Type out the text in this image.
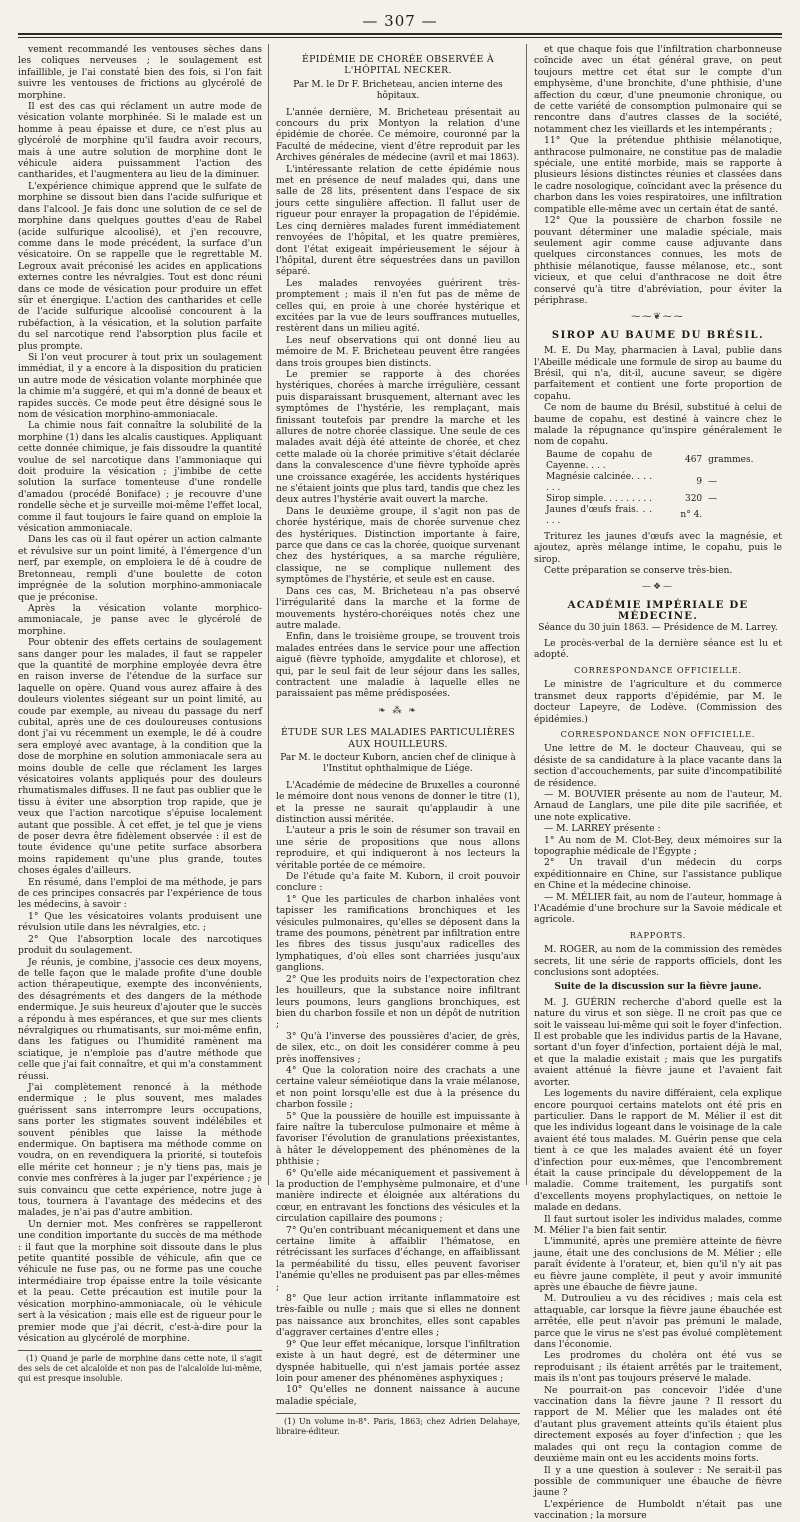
— 307 —

vement recommandé les ventouses sèches dans les coliques nerveuses ; le soulagement est infaillible, je l'ai constaté bien des fois, si l'on fait suivre les ventouses de frictions au glycérolé de morphine.

Il est des cas qui réclament un autre mode de vésication volante morphinée. Si le malade est un homme à peau épaisse et dure, ce n'est plus au glycérolé de morphine qu'il faudra avoir recours, mais à une autre solution de morphine dont le véhicule aidera puissamment l'action des cantharides, et l'augmentera au lieu de la diminuer.

L'expérience chimique apprend que le sulfate de morphine se dissout bien dans l'acide sulfurique et dans l'alcool. Je fais donc une solution de ce sel de morphine dans quelques gouttes d'eau de Rabel (acide sulfurique alcoolisé), et j'en recouvre, comme dans le mode précédent, la surface d'un vésicatoire. On se rappelle que le regrettable M. Legroux avait préconisé les acides en applications externes contre les névralgies. Tout est donc réuni dans ce mode de vésication pour produire un effet sûr et énergique. L'action des cantharides et celle de l'acide sulfurique alcoolisé concourent à la rubéfaction, à la vésication, et la solution parfaite du sel narcotique rend l'absorption plus facile et plus prompte.

Si l'on veut procurer à tout prix un soulagement immédiat, il y a encore à la disposition du praticien un autre mode de vésication volante morphinée que la chimie m'a suggéré, et qui m'a donné de beaux et rapides succès. Ce mode peut être désigné sous le nom de vésication morphino-ammoniacale.

La chimie nous fait connaître la solubilité de la morphine (1) dans les alcalis caustiques. Appliquant cette donnée chimique, je fais dissoudre la quantité voulue de sel narcotique dans l'ammoniaque qui doit produire la vésication ; j'imbibe de cette solution la surface tomenteuse d'une rondelle d'amadou (procédé Boniface) ; je recouvre d'une rondelle sèche et je surveille moi-même l'effet local, comme il faut toujours le faire quand on emploie la vésication ammoniacale.

Dans les cas où il faut opérer un action calmante et révulsive sur un point limité, à l'émergence d'un nerf, par exemple, on emploiera le dé à coudre de Bretonneau, rempli d'une boulette de coton imprégnée de la solution morphino-ammoniacale que je préconise.

Après la vésication volante morphico-ammoniacale, je panse avec le glycérolé de morphine.

Pour obtenir des effets certains de soulagement sans danger pour les malades, il faut se rappeler que la quantité de morphine employée devra être en raison inverse de l'étendue de la surface sur laquelle on opère. Quand vous aurez affaire à des douleurs violentes siégeant sur un point limité, au coude par exemple, au niveau du passage du nerf cubital, après une de ces douloureuses contusions dont j'ai vu récemment un exemple, le dé à coudre sera employé avec avantage, à la condition que la dose de morphine en solution ammoniacale sera au moins double de celle que réclament les larges vésicatoires volants appliqués pour des douleurs rhumatismales diffuses. Il ne faut pas oublier que le tissu à éviter une absorption trop rapide, que je veux que l'action narcotique s'épuise localement autant que possible. À cet effet, je tel que je viens de poser devra être fidèlement observée : il est de toute évidence qu'une petite surface absorbera moins rapidement qu'une plus grande, toutes choses égales d'ailleurs.

En résumé, dans l'emploi de ma méthode, je pars de ces principes consacrés par l'expérience de tous les médecins, à savoir :

1° Que les vésicatoires volants produisent une révulsion utile dans les névralgies, etc. ;

2° Que l'absorption locale des narcotiques produit du soulagement.

Je réunis, je combine, j'associe ces deux moyens, de telle façon que le malade profite d'une double action thérapeutique, exempte des inconvénients, des désagréments et des dangers de la méthode endermique. Je suis heureux d'ajouter que le succès a répondu à mes espérances, et que sur mes clients névralgiques ou rhumatisants, sur moi-même enfin, dans les fatigues ou l'humidité ramènent ma sciatique, je n'emploie pas d'autre méthode que celle que j'ai fait connaître, et qui m'a constamment réussi.

J'ai complètement renoncé à la méthode endermique ; le plus souvent, mes malades guérissent sans interrompre leurs occupations, sans porter les stigmates souvent indélébiles et souvent pénibles que laisse la méthode endermique. On baptisera ma méthode comme on voudra, on en revendiquera la priorité, si toutefois elle mérite cet honneur ; je n'y tiens pas, mais je convie mes confrères à la juger par l'expérience ; je suis convaincu que cette expérience, notre juge à tous, tournera à l'avantage des médecins et des malades, je n'ai pas d'autre ambition.

Un dernier mot. Mes confrères se rappelleront une condition importante du succès de ma méthode : il faut que la morphine soit dissoute dans le plus petite quantité possible de véhicule, afin que ce véhicule ne fuse pas, ou ne forme pas une couche intermédiaire trop épaisse entre la toile vésicante et la peau. Cette précaution est inutile pour la vésication morphino-ammoniacale, où le véhicule sert à la vésication ; mais elle est de rigueur pour le premier mode que j'ai décrit, c'est-à-dire pour la vésication au glycérolé de morphine.

(1) Quand je parle de morphine dans cette note, il s'agit des sels de cet alcaloïde et non pas de l'alcaloïde lui-même, qui est presque insoluble.

ÉPIDÉMIE DE CHORÉE OBSERVÉE À L'HÔPITAL NECKER.
Par M. le Dr F. Bricheteau, ancien interne des hôpitaux.

L'année dernière, M. Bricheteau présentait au concours du prix Montyon la relation d'une épidémie de chorée. Ce mémoire, couronné par la Faculté de médecine, vient d'être reproduit par les Archives générales de médecine (avril et mai 1863).

L'intéressante relation de cette épidémie nous met en présence de neuf malades qui, dans une salle de 28 lits, présentent dans l'espace de six jours cette singulière affection. Il fallut user de rigueur pour enrayer la propagation de l'épidémie. Les cinq dernières malades furent immédiatement renvoyées de l'hôpital, et les quatre premières, dont l'état exigeait impérieusement le séjour à l'hôpital, durent être séquestrées dans un pavillon séparé.

Les malades renvoyées guérirent très-promptement ; mais il n'en fut pas de même de celles qui, en proie à une chorée hystérique et excitées par la vue de leurs souffrances mutuelles, restèrent dans un milieu agité.

Les neuf observations qui ont donné lieu au mémoire de M. F. Bricheteau peuvent être rangées dans trois groupes bien distincts.

Le premier se rapporte à des chorées hystériques, chorées à marche irrégulière, cessant puis disparaissant brusquement, alternant avec les symptômes de l'hystérie, les remplaçant, mais finissant toutefois par prendre la marche et les allures de notre chorée classique. Une seule de ces malades avait déjà été atteinte de chorée, et chez cette malade où la chorée primitive s'était déclarée dans la convalescence d'une fièvre typhoïde après une croissance exagérée, les accidents hystériques ne s'étaient joints que plus tard, tandis que chez les deux autres l'hystérie avait ouvert la marche.

Dans le deuxième groupe, il s'agit non pas de chorée hystérique, mais de chorée survenue chez des hystériques. Distinction importante à faire, parce que dans ce cas la chorée, quoique survenant chez des hystériques, a sa marche régulière, classique, ne se complique nullement des symptômes de l'hystérie, et seule est en cause.

Dans ces cas, M. Bricheteau n'a pas observé l'irrégularité dans la marche et la forme de mouvements hystéro-choréiques notés chez une autre malade.

Enfin, dans le troisième groupe, se trouvent trois malades entrées dans le service pour une affection aiguë (fièvre typhoïde, amygdalite et chlorose), et qui, par le seul fait de leur séjour dans les salles, contractent une maladie à laquelle elles ne paraissaient pas même prédisposées.

❧ ⁂ ❧
ÉTUDE SUR LES MALADIES PARTICULIÈRES AUX HOUILLEURS.
Par M. le docteur Kuborn, ancien chef de clinique à l'Institut ophthalmique de Liége.

L'Académie de médecine de Bruxelles a couronné le mémoire dont nous venons de donner le titre (1), et la presse ne saurait qu'applaudir à une distinction aussi méritée.

L'auteur a pris le soin de résumer son travail en une série de propositions que nous allons reproduire, et qui indiqueront à nos lecteurs la véritable portée de ce mémoire.

De l'étude qu'a faite M. Kuborn, il croit pouvoir conclure :

1° Que les particules de charbon inhalées vont tapisser les ramifications bronchiques et les vésicules pulmonaires, qu'elles se déposent dans la trame des poumons, pénètrent par infiltration entre les fibres des tissus jusqu'aux radicelles des lymphatiques, d'où elles sont charriées jusqu'aux ganglions.

2° Que les produits noirs de l'expectoration chez les houilleurs, que la substance noire infiltrant leurs poumons, leurs ganglions bronchiques, est bien du charbon fossile et non un dépôt de nutrition ;

3° Qu'à l'inverse des poussières d'acier, de grès, de silex, etc., on doit les considérer comme à peu près inoffensives ;

4° Que la coloration noire des crachats a une certaine valeur séméiotique dans la vraie mélanose, et non point lorsqu'elle est due à la présence du charbon fossile ;

5° Que la poussière de houille est impuissante à faire naître la tuberculose pulmonaire et même à favoriser l'évolution de granulations préexistantes, à hâter le développement des phénomènes de la phthisie ;

6° Qu'elle aide mécaniquement et passivement à la production de l'emphysème pulmonaire, et d'une manière indirecte et éloignée aux altérations du cœur, en entravant les fonctions des vésicules et la circulation capillaire des poumons ;

7° Qu'en contribuant mécaniquement et dans une certaine limite à affaiblir l'hématose, en rétrécissant les surfaces d'échange, en affaiblissant la perméabilité du tissu, elles peuvent favoriser l'anémie qu'elles ne produisent pas par elles-mêmes ;

8° Que leur action irritante inflammatoire est très-faible ou nulle ; mais que si elles ne donnent pas naissance aux bronchites, elles sont capables d'aggraver certaines d'entre elles ;

9° Que leur effet mécanique, lorsque l'infiltration existe à un haut degré, est de déterminer une dyspnée habituelle, qui n'est jamais portée assez loin pour amener des phénomènes asphyxiques ;

10° Qu'elles ne donnent naissance à aucune maladie spéciale,

(1) Un volume in-8°. Paris, 1863; chez Adrien Delahaye, libraire-éditeur.

et que chaque fois que l'infiltration charbonneuse coïncide avec un état général grave, on peut toujours mettre cet état sur le compte d'un emphysème, d'une bronchite, d'une phthisie, d'une affection du cœur, d'une pneumonie chronique, ou de cette variété de consomption pulmonaire qui se rencontre dans d'autres classes de la société, notamment chez les vieillards et les intempérants ;

11° Que la prétendue phthisie mélanotique, anthracose pulmonaire, ne constitue pas de maladie spéciale, une entité morbide, mais se rapporte à plusieurs lésions distinctes réunies et classées dans le cadre nosologique, coïncidant avec la présence du charbon dans les voies respiratoires, une infiltration compatible elle-même avec un certain état de santé.

12° Que la poussière de charbon fossile ne pouvant déterminer une maladie spéciale, mais seulement agir comme cause adjuvante dans quelques circonstances connues, les mots de phthisie mélanotique, fausse mélanose, etc., sont vicieux, et que celui d'anthracose ne doit être conservé qu'à titre d'abréviation, pour éviter la périphrase.

⁓⁓❦⁓⁓
SIROP AU BAUME DU BRÉSIL.

M. E. Du May, pharmacien à Laval, publie dans l'Abeille médicale une formule de sirop au baume du Brésil, qui n'a, dit-il, aucune saveur, se digère parfaitement et contient une forte proportion de copahu.

Ce nom de baume du Brésil, substitué à celui de baume de copahu, est destiné à vaincre chez le malade la répugnance qu'inspire généralement le nom de copahu.

Baume de copahu de Cayenne. . . .	467	grammes.
Magnésie calcinée. . . . . . .	9	—
Sirop simple. . . . . . . . .	320	—
Jaunes d'œufs frais. . . . . .	n° 4.	

Triturez les jaunes d'œufs avec la magnésie, et ajoutez, après mélange intime, le copahu, puis le sirop.

Cette préparation se conserve très-bien.

—❖—
ACADÉMIE IMPÉRIALE DE MÉDECINE.
Séance du 30 juin 1863. — Présidence de M. Larrey.

Le procès-verbal de la dernière séance est lu et adopté.

CORRESPONDANCE OFFICIELLE.

Le ministre de l'agriculture et du commerce transmet deux rapports d'épidémie, par M. le docteur Lapeyre, de Lodève. (Commission des épidémies.)

CORRESPONDANCE NON OFFICIELLE.

Une lettre de M. le docteur Chauveau, qui se désiste de sa candidature à la place vacante dans la section d'accouchements, par suite d'incompatibilité de résidence.

— M. BOUVIER présente au nom de l'auteur, M. Arnaud de Langlars, une pile dite pile sacrifiée, et une note explicative.

— M. LARREY présente :

1° Au nom de M. Clot-Bey, deux mémoires sur la topographie médicale de l'Égypte ;

2° Un travail d'un médecin du corps expéditionnaire en Chine, sur l'assistance publique en Chine et la médecine chinoise.

— M. MÉLIER fait, au nom de l'auteur, hommage à l'Académie d'une brochure sur la Savoie médicale et agricole.

RAPPORTS.

M. ROGER, au nom de la commission des remèdes secrets, lit une série de rapports officiels, dont les conclusions sont adoptées.

Suite de la discussion sur la fièvre jaune.

M. J. GUÉRIN recherche d'abord quelle est la nature du virus et son siège. Il ne croit pas que ce soit le vaisseau lui-même qui soit le foyer d'infection. Il est probable que les individus partis de la Havane, sortant d'un foyer d'infection, portaient déjà le mal, et que la maladie existait ; mais que les purgatifs avaient atténué la fièvre jaune et l'avaient fait avorter.

Les logements du navire différaient, cela explique encore pourquoi certains matelots ont été pris en particulier. Dans le rapport de M. Mélier il est dit que les individus logeant dans le voisinage de la cale avaient été tous malades. M. Guérin pense que cela tient à ce que les malades avaient été un foyer d'infection pour eux-mêmes, que l'encombrement était la cause principale du développement de la maladie. Comme traitement, les purgatifs sont d'excellents moyens prophylactiques, on nettoie le malade en dedans.

Il faut surtout isoler les individus malades, comme M. Mélier l'a bien fait sentir.

L'immunité, après une première atteinte de fièvre jaune, était une des conclusions de M. Mélier ; elle paraît évidente à l'orateur, et, bien qu'il n'y ait pas eu fièvre jaune complète, il peut y avoir immunité après une ébauche de fièvre jaune.

M. Dutroulieu a vu des récidives ; mais cela est attaquable, car lorsque la fièvre jaune ébauchée est arrêtée, elle peut n'avoir pas prémuni le malade, parce que le virus ne s'est pas évolué complètement dans l'économie.

Les prodromes du choléra ont été vus se reproduisant ; ils étaient arrêtés par le traitement, mais ils n'ont pas toujours préservé le malade.

Ne pourrait-on pas concevoir l'idée d'une vaccination dans la fièvre jaune ? Il ressort du rapport de M. Mélier que les malades ont été d'autant plus gravement atteints qu'ils étaient plus directement exposés au foyer d'infection ; que les malades qui ont reçu la contagion comme de deuxième main ont eu les accidents moins forts.

Il y a une question à soulever : Ne serait-il pas possible de communiquer une ébauche de fièvre jaune ?

L'expérience de Humboldt n'était pas une vaccination ; la morsure
